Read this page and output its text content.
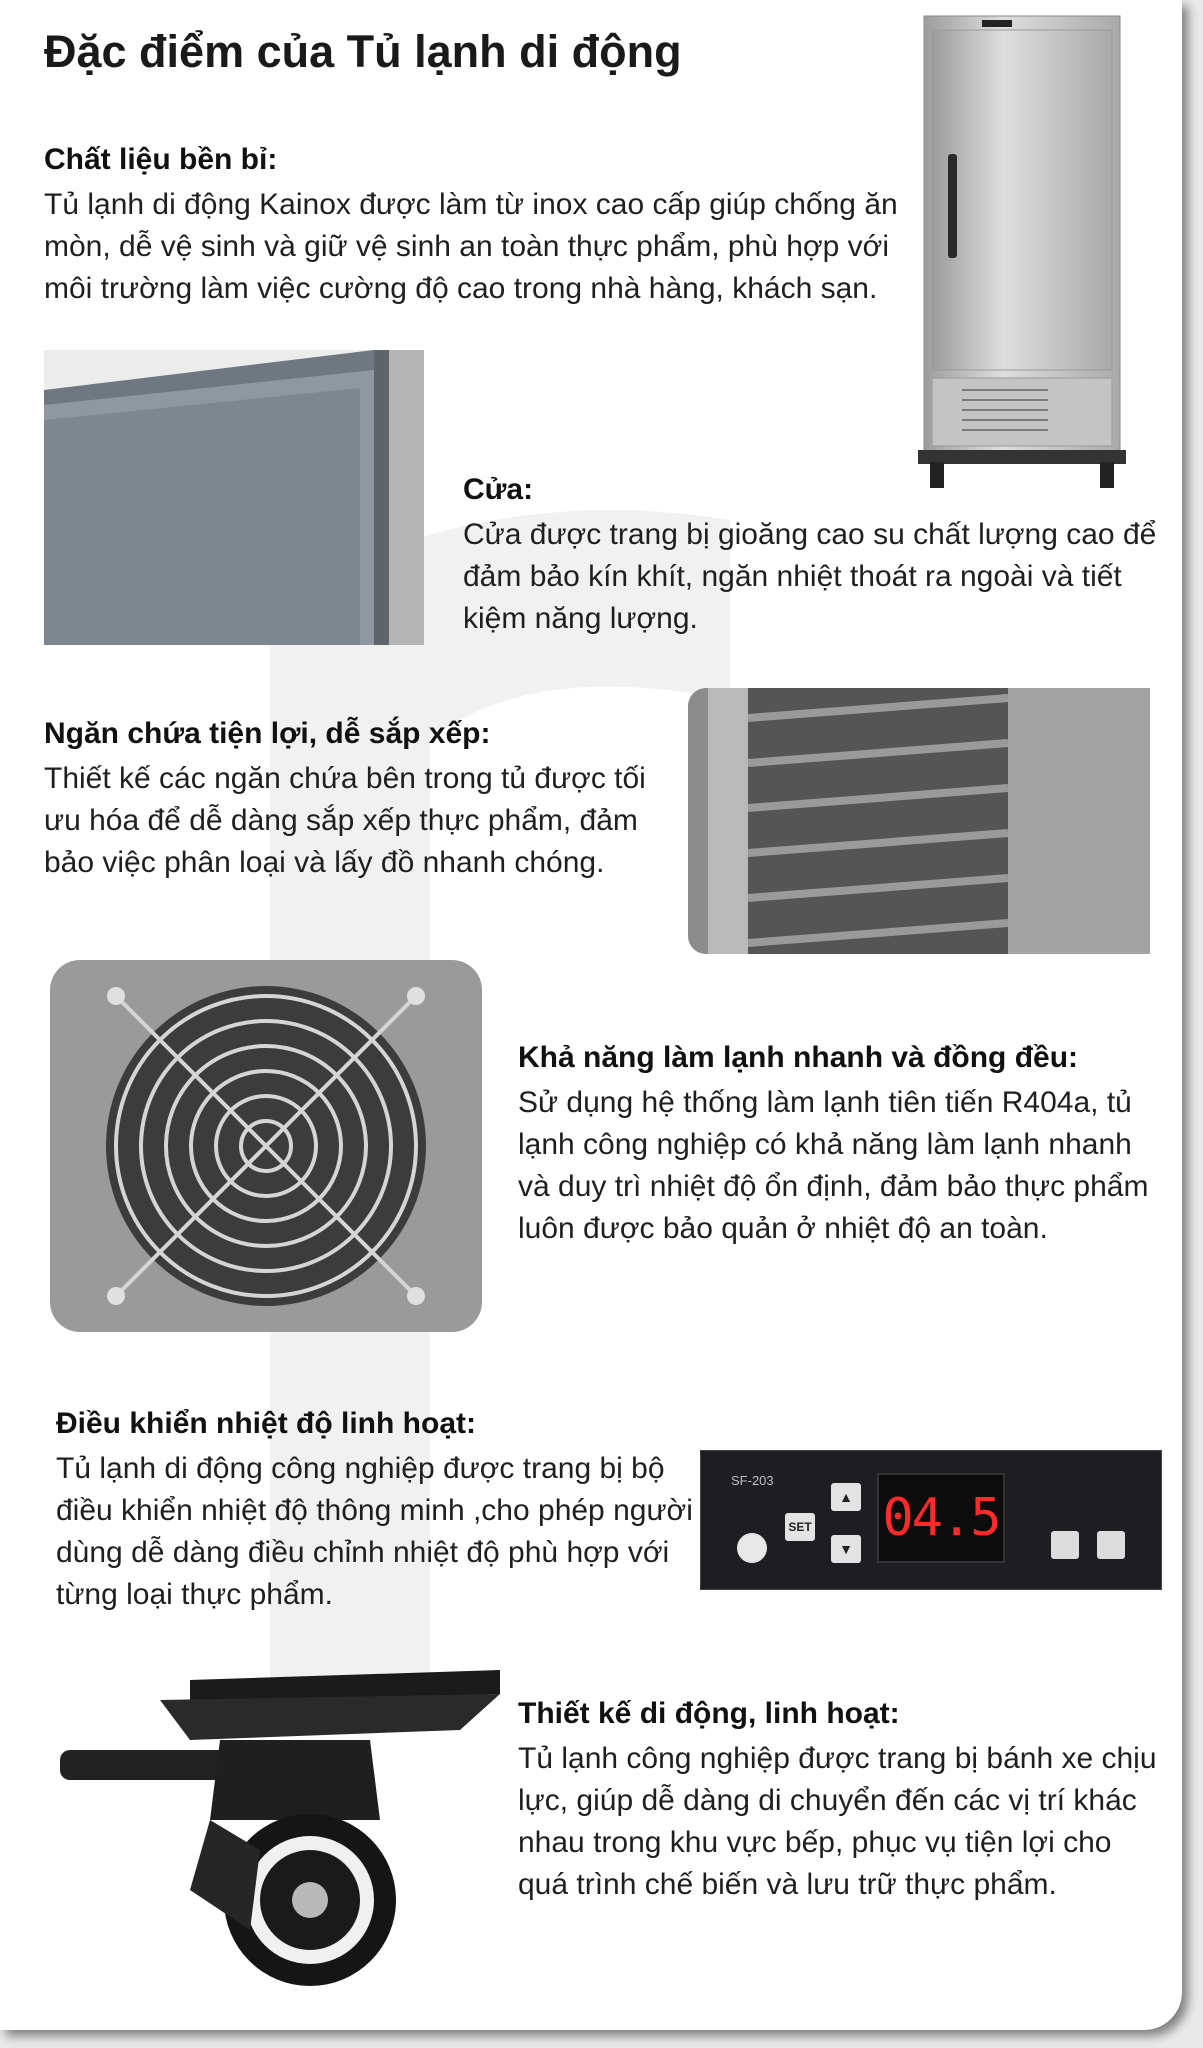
Đặc điểm của Tủ lạnh di động
Chất liệu bền bỉ:

Tủ lạnh di động Kainox được làm từ inox cao cấp giúp chống ăn mòn, dễ vệ sinh và giữ vệ sinh an toàn thực phẩm, phù hợp với môi trường làm việc cường độ cao trong nhà hàng, khách sạn.

Cửa:

Cửa được trang bị gioăng cao su chất lượng cao để đảm bảo kín khít, ngăn nhiệt thoát ra ngoài và tiết kiệm năng lượng.

Ngăn chứa tiện lợi, dễ sắp xếp:

Thiết kế các ngăn chứa bên trong tủ được tối ưu hóa để dễ dàng sắp xếp thực phẩm, đảm bảo việc phân loại và lấy đồ nhanh chóng.

Khả năng làm lạnh nhanh và đồng đều:

Sử dụng hệ thống làm lạnh tiên tiến R404a, tủ lạnh công nghiệp có khả năng làm lạnh nhanh và duy trì nhiệt độ ổn định, đảm bảo thực phẩm luôn được bảo quản ở nhiệt độ an toàn.

Điều khiển nhiệt độ linh hoạt:

Tủ lạnh di động công nghiệp được trang bị bộ điều khiển nhiệt độ thông minh ,cho phép người dùng dễ dàng điều chỉnh nhiệt độ phù hợp với từng loại thực phẩm.

SF-203
SET
▲
▼
04.5
Thiết kế di động, linh hoạt:

Tủ lạnh công nghiệp được trang bị bánh xe chịu lực, giúp dễ dàng di chuyển đến các vị trí khác nhau trong khu vực bếp, phục vụ tiện lợi cho quá trình chế biến và lưu trữ thực phẩm.
